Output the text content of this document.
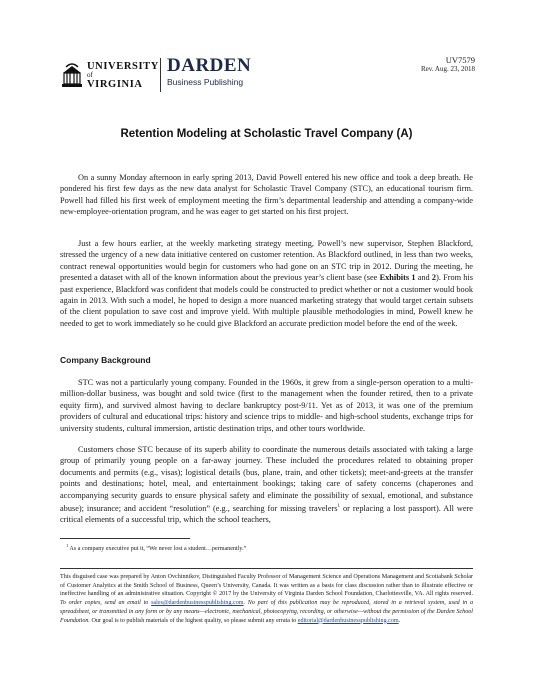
UNIVERSITY
of
VIRGINIA
DARDEN
Business Publishing
UV7579
Rev. Aug. 23, 2018
Retention Modeling at Scholastic Travel Company (A)

On a sunny Monday afternoon in early spring 2013, David Powell entered his new office and took a deep breath. He pondered his first few days as the new data analyst for Scholastic Travel Company (STC), an educational tourism firm. Powell had filled his first week of employment meeting the firm’s departmental leadership and attending a company-wide new-employee-orientation program, and he was eager to get started on his first project.

Just a few hours earlier, at the weekly marketing strategy meeting, Powell’s new supervisor, Stephen Blackford, stressed the urgency of a new data initiative centered on customer retention. As Blackford outlined, in less than two weeks, contract renewal opportunities would begin for customers who had gone on an STC trip in 2012. During the meeting, he presented a dataset with all of the known information about the previous year’s client base (see Exhibits 1 and 2). From his past experience, Blackford was confident that models could be constructed to predict whether or not a customer would book again in 2013. With such a model, he hoped to design a more nuanced marketing strategy that would target certain subsets of the client population to save cost and improve yield. With multiple plausible methodologies in mind, Powell knew he needed to get to work immediately so he could give Blackford an accurate prediction model before the end of the week.

Company Background

STC was not a particularly young company. Founded in the 1960s, it grew from a single-person operation to a multi-million-dollar business, was bought and sold twice (first to the management when the founder retired, then to a private equity firm), and survived almost having to declare bankruptcy post-9/11. Yet as of 2013, it was one of the premium providers of cultural and educational trips: history and science trips to middle- and high-school students, exchange trips for university students, cultural immersion, artistic destination trips, and other tours worldwide.

Customers chose STC because of its superb ability to coordinate the numerous details associated with taking a large group of primarily young people on a far-away journey. These included the procedures related to obtaining proper documents and permits (e.g., visas); logistical details (bus, plane, train, and other tickets); meet-and-greets at the transfer points and destinations; hotel, meal, and entertainment bookings; taking care of safety concerns (chaperones and accompanying security guards to ensure physical safety and eliminate the possibility of sexual, emotional, and substance abuse); insurance; and accident “resolution” (e.g., searching for missing travelers$^1$ or replacing a lost passport). All were critical elements of a successful trip, which the school teachers,

$^1$ As a company executive put it, “We never lost a student…permanently.”

This disguised case was prepared by Anton Ovchinnikov, Distinguished Faculty Professor of Management Science and Operations Management and Scotiabank Scholar of Customer Analytics at the Smith School of Business, Queen’s University, Canada. It was written as a basis for class discussion rather than to illustrate effective or ineffective handling of an administrative situation. Copyright © 2017 by the University of Virginia Darden School Foundation, Charlottesville, VA. All rights reserved. To order copies, send an email to sales@dardenbusinesspublishing.com. No part of this publication may be reproduced, stored in a retrieval system, used in a spreadsheet, or transmitted in any form or by any means—electronic, mechanical, photocopying, recording, or otherwise—without the permission of the Darden School Foundation. Our goal is to publish materials of the highest quality, so please submit any errata to editorial@dardenbusinesspublishing.com.
